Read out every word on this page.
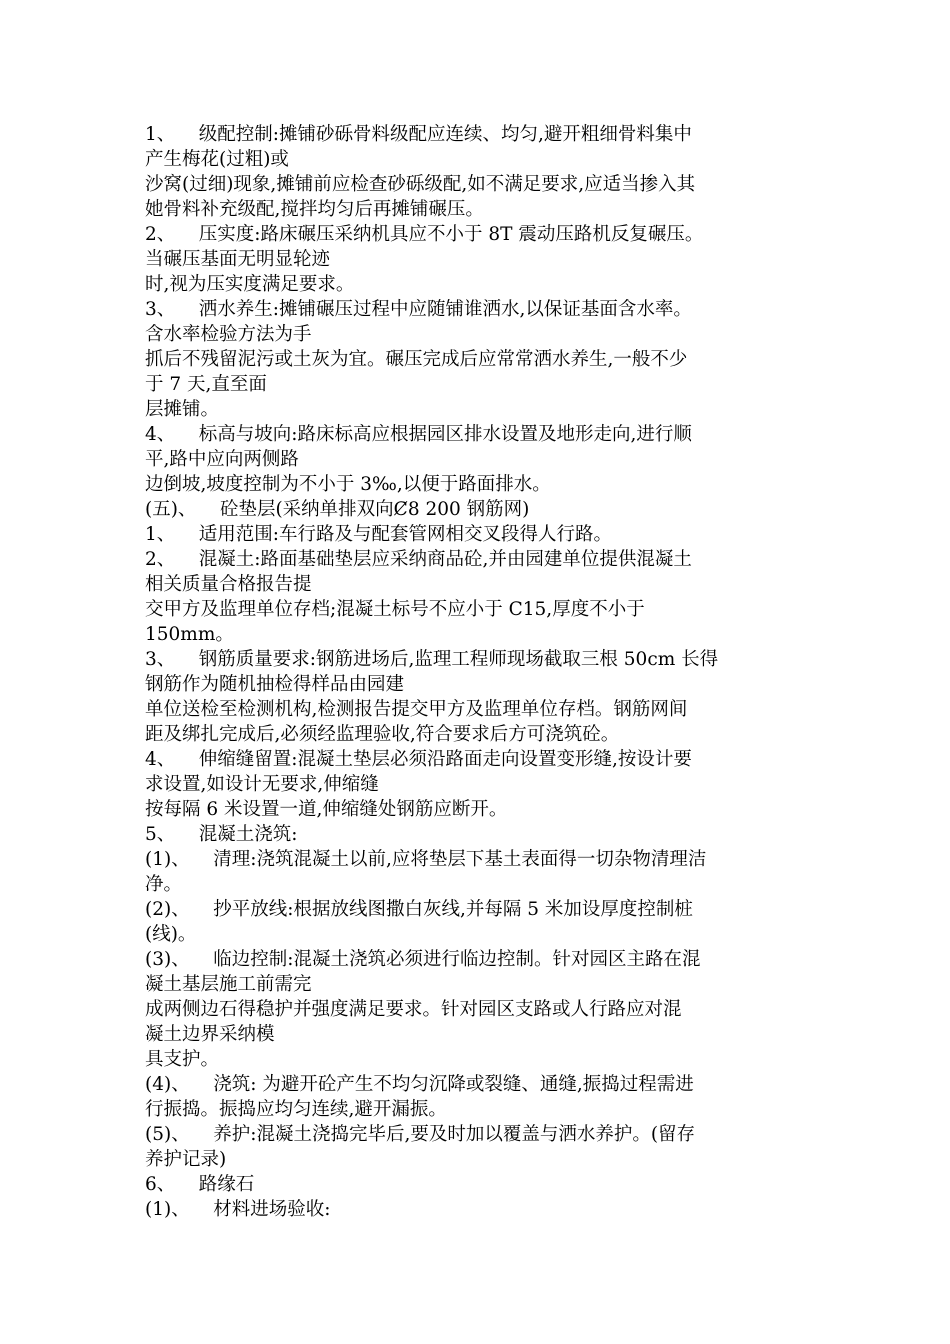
1、    级配控制:摊铺砂砾骨料级配应连续、均匀,避开粗细骨料集中
产生梅花(过粗)或
沙窝(过细)现象,摊铺前应检查砂砾级配,如不满足要求,应适当掺入其
她骨料补充级配,搅拌均匀后再摊铺碾压。
2、    压实度:路床碾压采纳机具应不小于 8T 震动压路机反复碾压。
当碾压基面无明显轮迹
时,视为压实度满足要求。
3、    洒水养生:摊铺碾压过程中应随铺谁洒水,以保证基面含水率。
含水率检验方法为手
抓后不残留泥污或土灰为宜。碾压完成后应常常洒水养生,一般不少
于 7 天,直至面
层摊铺。
4、    标高与坡向:路床标高应根据园区排水设置及地形走向,进行顺
平,路中应向两侧路
边倒坡,坡度控制为不小于 3‰,以便于路面排水。
(五)、    砼垫层(采纳单排双向Ȼ8 200 钢筋网)
1、    适用范围:车行路及与配套管网相交叉段得人行路。
2、    混凝土:路面基础垫层应采纳商品砼,并由园建单位提供混凝土
相关质量合格报告提
交甲方及监理单位存档;混凝土标号不应小于 C15,厚度不小于
150mm。
3、    钢筋质量要求:钢筋进场后,监理工程师现场截取三根 50cm 长得
钢筋作为随机抽检得样品由园建
单位送检至检测机构,检测报告提交甲方及监理单位存档。钢筋网间
距及绑扎完成后,必须经监理验收,符合要求后方可浇筑砼。
4、    伸缩缝留置:混凝土垫层必须沿路面走向设置变形缝,按设计要
求设置,如设计无要求,伸缩缝
按每隔 6 米设置一道,伸缩缝处钢筋应断开。
5、    混凝土浇筑:
(1)、    清理:浇筑混凝土以前,应将垫层下基土表面得一切杂物清理洁
净。
(2)、    抄平放线:根据放线图撒白灰线,并每隔 5 米加设厚度控制桩
(线)。
(3)、    临边控制:混凝土浇筑必须进行临边控制。针对园区主路在混
凝土基层施工前需完
成两侧边石得稳护并强度满足要求。针对园区支路或人行路应对混
凝土边界采纳模
具支护。
(4)、    浇筑: 为避开砼产生不均匀沉降或裂缝、通缝,振捣过程需进
行振捣。振捣应均匀连续,避开漏振。
(5)、    养护:混凝土浇捣完毕后,要及时加以覆盖与洒水养护。(留存
养护记录)
6、    路缘石
(1)、    材料进场验收:
